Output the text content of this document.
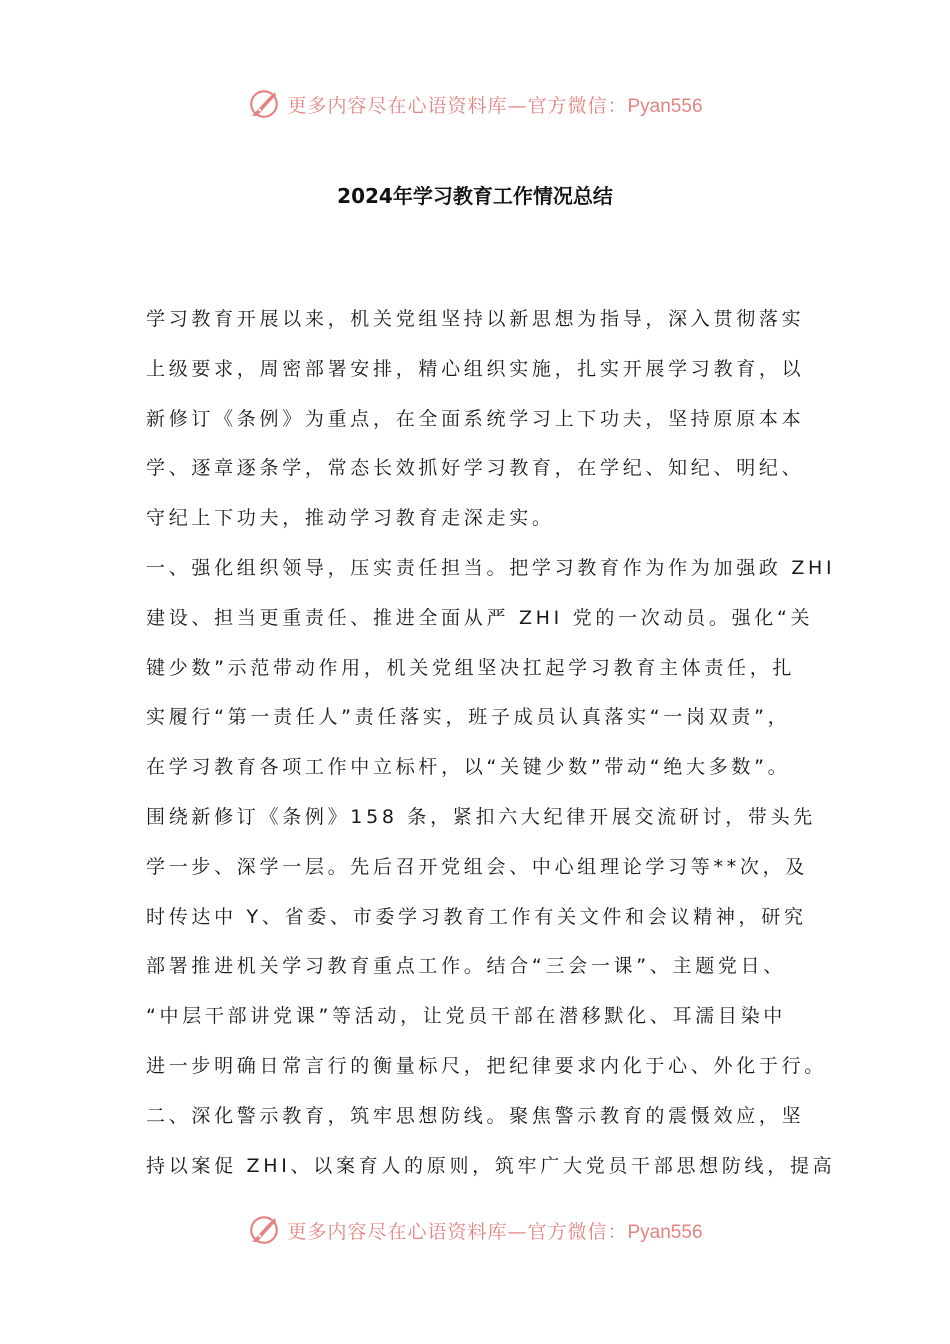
更多内容尽在心语资料库—官方微信：Pyan556
2024年学习教育工作情况总结
学习教育开展以来，机关党组坚持以新思想为指导，深入贯彻落实
上级要求，周密部署安排，精心组织实施，扎实开展学习教育，以
新修订《条例》为重点，在全面系统学习上下功夫，坚持原原本本
学、逐章逐条学，常态长效抓好学习教育，在学纪、知纪、明纪、
守纪上下功夫，推动学习教育走深走实。
一、强化组织领导，压实责任担当。把学习教育作为作为加强政 ZHI
建设、担当更重责任、推进全面从严 ZHI 党的一次动员。强化“关
键少数”示范带动作用，机关党组坚决扛起学习教育主体责任，扎
实履行“第一责任人”责任落实，班子成员认真落实“一岗双责”，
在学习教育各项工作中立标杆，以“关键少数”带动“绝大多数”。
围绕新修订《条例》158 条，紧扣六大纪律开展交流研讨，带头先
学一步、深学一层。先后召开党组会、中心组理论学习等**次，及
时传达中 Y、省委、市委学习教育工作有关文件和会议精神，研究
部署推进机关学习教育重点工作。结合“三会一课”、主题党日、
“中层干部讲党课”等活动，让党员干部在潜移默化、耳濡目染中
进一步明确日常言行的衡量标尺，把纪律要求内化于心、外化于行。
二、深化警示教育，筑牢思想防线。聚焦警示教育的震慑效应，坚
持以案促 ZHI、以案育人的原则，筑牢广大党员干部思想防线，提高
更多内容尽在心语资料库—官方微信：Pyan556
